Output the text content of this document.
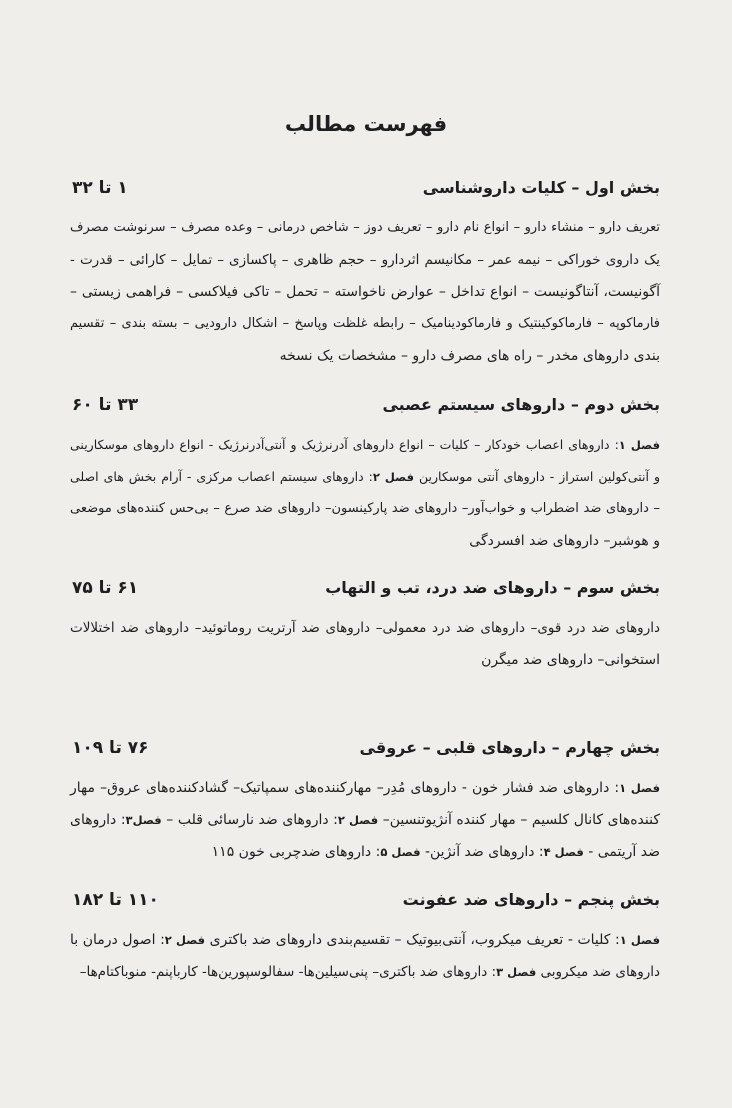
فهرست مطالب
بخش اول – کلیات داروشناسی
۱ تا ۳۲
تعریف دارو – منشاء دارو – انواع نام دارو – تعریف دوز – شاخص درمانی – وعده مصرف – سرنوشت مصرف
یک داروی خوراکی – نیمه عمر – مکانیسم اثردارو – حجم ظاهری – پاکسازی – تمایل – کارائی – قدرت -
آگونیست، آنتاگونیست – انواع تداخل – عوارض ناخواسته – تحمل – تاکی فیلاکسی – فراهمی زیستی –
فارماکوپه – فارماکوکینتیک و فارماکودینامیک – رابطه غلظت وپاسخ – اشکال دارودیی – بسته بندی – تقسیم
بندی داروهای مخدر – راه های مصرف دارو – مشخصات یک نسخه
بخش دوم – داروهای سیستم عصبی
۳۳ تا ۶۰
فصل ۱: داروهای اعصاب خودکار – کلیات – انواع داروهای آدرنرژیک و آنتی‌آدرنرژیک - انواع داروهای موسکارینی
و آنتی‌کولین استراز - داروهای آنتی موسکارین فصل ۲: داروهای سیستم اعصاب مرکزی - آرام بخش های اصلی
– داروهای ضد اضطراب و خواب‌آور– داروهای ضد پارکینسون– داروهای ضد صرع – بی‌حس کننده‌های موضعی
و هوشبر– داروهای ضد افسردگی
بخش سوم – داروهای ضد درد، تب و التهاب
۶۱ تا ۷۵
داروهای ضد درد قوی– داروهای ضد درد معمولی– داروهای ضد آرتریت روماتوئید– داروهای ضد اختلالات
استخوانی– داروهای ضد میگرن
بخش چهارم – داروهای قلبی – عروقی
۷۶ تا ۱۰۹
فصل ۱: داروهای ضد فشار خون - داروهای مُدِر– مهارکننده‌های سمپاتیک– گشادکننده‌های عروق– مهار
کننده‌های کانال کلسیم – مهار کننده آنژیوتنسین– فصل ۲: داروهای ضد نارسائی قلب – فصل۳: داروهای
ضد آریتمی - فصل ۴: داروهای ضد آنژین- فصل ۵: داروهای ضدچربی خون ۱۱۵
بخش پنجم – داروهای ضد عفونت
۱۱۰ تا ۱۸۲
فصل ۱: کلیات - تعریف میکروب، آنتی‌بیوتیک – تقسیم‌بندی داروهای ضد باکتری فصل ۲: اصول درمان با
داروهای ضد میکروبی فصل ۳: داروهای ضد باکتری– پنی‌سیلین‌ها- سفالوسپورین‌ها- کارباپنم- منوباکتام‌ها–
